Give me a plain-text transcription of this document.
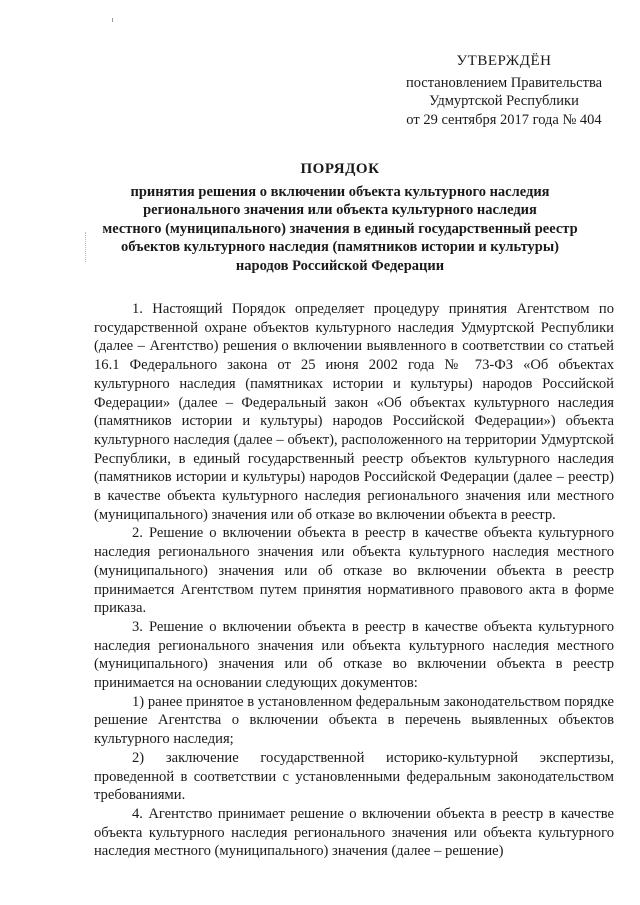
УТВЕРЖДЁН
постановлением Правительства
Удмуртской Республики
от 29 сентября 2017 года № 404
ПОРЯДОК
принятия решения о включении объекта культурного наследия
регионального значения или объекта культурного наследия
местного (муниципального) значения в единый государственный реестр
объектов культурного наследия (памятников истории и культуры)
народов Российской Федерации

1. Настоящий Порядок определяет процедуру принятия Агентством по государственной охране объектов культурного наследия Удмуртской Республики (далее – Агентство) решения о включении выявленного в соответствии со статьей 16.1 Федерального закона от 25 июня 2002 года № 73-ФЗ «Об объектах культурного наследия (памятниках истории и культуры) народов Российской Федерации» (далее – Федеральный закон «Об объектах культурного наследия (памятников истории и культуры) народов Российской Федерации») объекта культурного наследия (далее – объект), расположенного на территории Удмуртской Республики, в единый государственный реестр объектов культурного наследия (памятников истории и культуры) народов Российской Федерации (далее – реестр) в качестве объекта культурного наследия регионального значения или местного (муниципального) значения или об отказе во включении объекта в реестр.

2. Решение о включении объекта в реестр в качестве объекта культурного наследия регионального значения или объекта культурного наследия местного (муниципального) значения или об отказе во включении объекта в реестр принимается Агентством путем принятия нормативного правового акта в форме приказа.

3. Решение о включении объекта в реестр в качестве объекта культурного наследия регионального значения или объекта культурного наследия местного (муниципального) значения или об отказе во включении объекта в реестр принимается на основании следующих документов:

1) ранее принятое в установленном федеральным законодательством порядке решение Агентства о включении объекта в перечень выявленных объектов культурного наследия;

2) заключение государственной историко-культурной экспертизы, проведенной в соответствии с установленными федеральным законодательством требованиями.

4. Агентство принимает решение о включении объекта в реестр в качестве объекта культурного наследия регионального значения или объекта культурного наследия местного (муниципального) значения (далее – решение)
